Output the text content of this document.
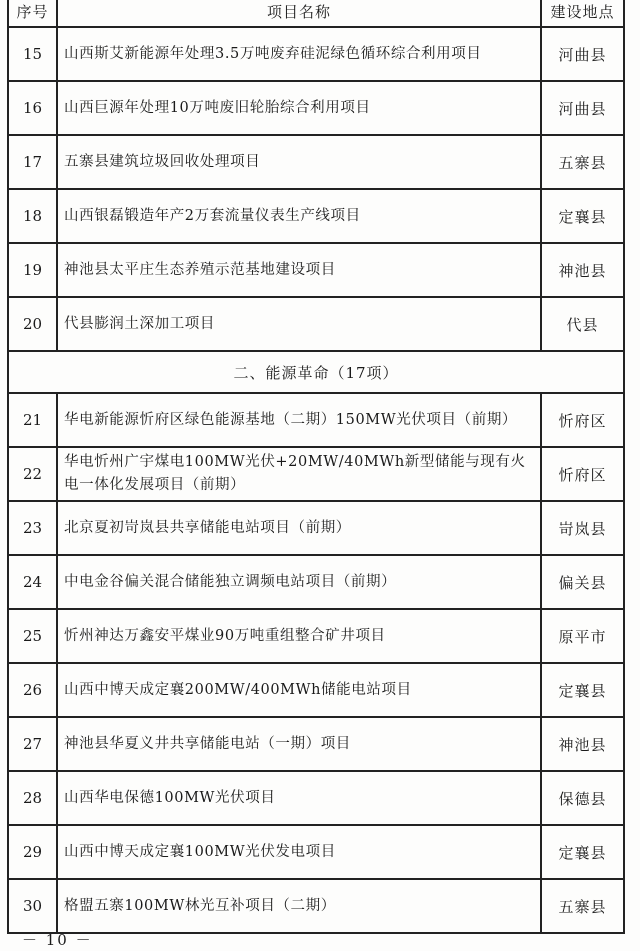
序号	项目名称	建设地点
15	山西斯艾新能源年处理3.5万吨废弃硅泥绿色循环综合利用项目	河曲县
16	山西巨源年处理10万吨废旧轮胎综合利用项目	河曲县
17	五寨县建筑垃圾回收处理项目	五寨县
18	山西银磊锻造年产2万套流量仪表生产线项目	定襄县
19	神池县太平庄生态养殖示范基地建设项目	神池县
20	代县膨润土深加工项目	代县
二、能源革命（17项）		
21	华电新能源忻府区绿色能源基地（二期）150MW光伏项目（前期）	忻府区
22	华电忻州广宇煤电100MW光伏+20MW/40MWh新型储能与现有火电一体化发展项目（前期）	忻府区
23	北京夏初岢岚县共享储能电站项目（前期）	岢岚县
24	中电金谷偏关混合储能独立调频电站项目（前期）	偏关县
25	忻州神达万鑫安平煤业90万吨重组整合矿井项目	原平市
26	山西中博天成定襄200MW/400MWh储能电站项目	定襄县
27	神池县华夏义井共享储能电站（一期）项目	神池县
28	山西华电保德100MW光伏项目	保德县
29	山西中博天成定襄100MW光伏发电项目	定襄县
30	格盟五寨100MW林光互补项目（二期）	五寨县
－ 10 －
